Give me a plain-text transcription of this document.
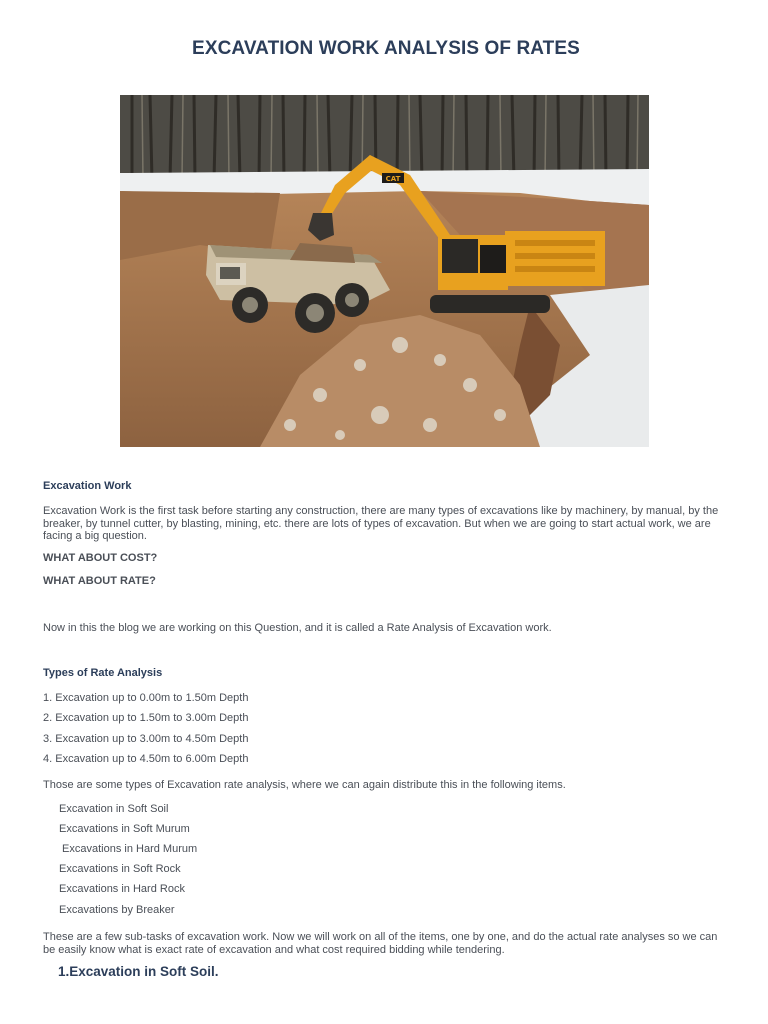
EXCAVATION WORK ANALYSIS OF RATES
CAT
Excavation Work
Excavation Work is the first task before starting any construction, there are many types of excavations like by machinery, by manual, by the breaker, by tunnel cutter, by blasting, mining, etc. there are lots of types of excavation. But when we are going to start actual work, we are facing a big question.
WHAT ABOUT COST?
WHAT ABOUT RATE?
Now in this the blog we are working on this Question, and it is called a Rate Analysis of Excavation work.
Types of Rate Analysis
1. Excavation up to 0.00m to 1.50m Depth
2. Excavation up to 1.50m to 3.00m Depth
3. Excavation up to 3.00m to 4.50m Depth
4. Excavation up to 4.50m to 6.00m Depth
Those are some types of Excavation rate analysis, where we can again distribute this in the following items.
Excavation in Soft Soil
Excavations in Soft Murum
Excavations in Hard Murum
Excavations in Soft Rock
Excavations in Hard Rock
Excavations by Breaker
These are a few sub-tasks of excavation work. Now we will work on all of the items, one by one, and do the actual rate analyses so we can be easily know what is exact rate of excavation and what cost required bidding while tendering.
1.Excavation in Soft Soil.
